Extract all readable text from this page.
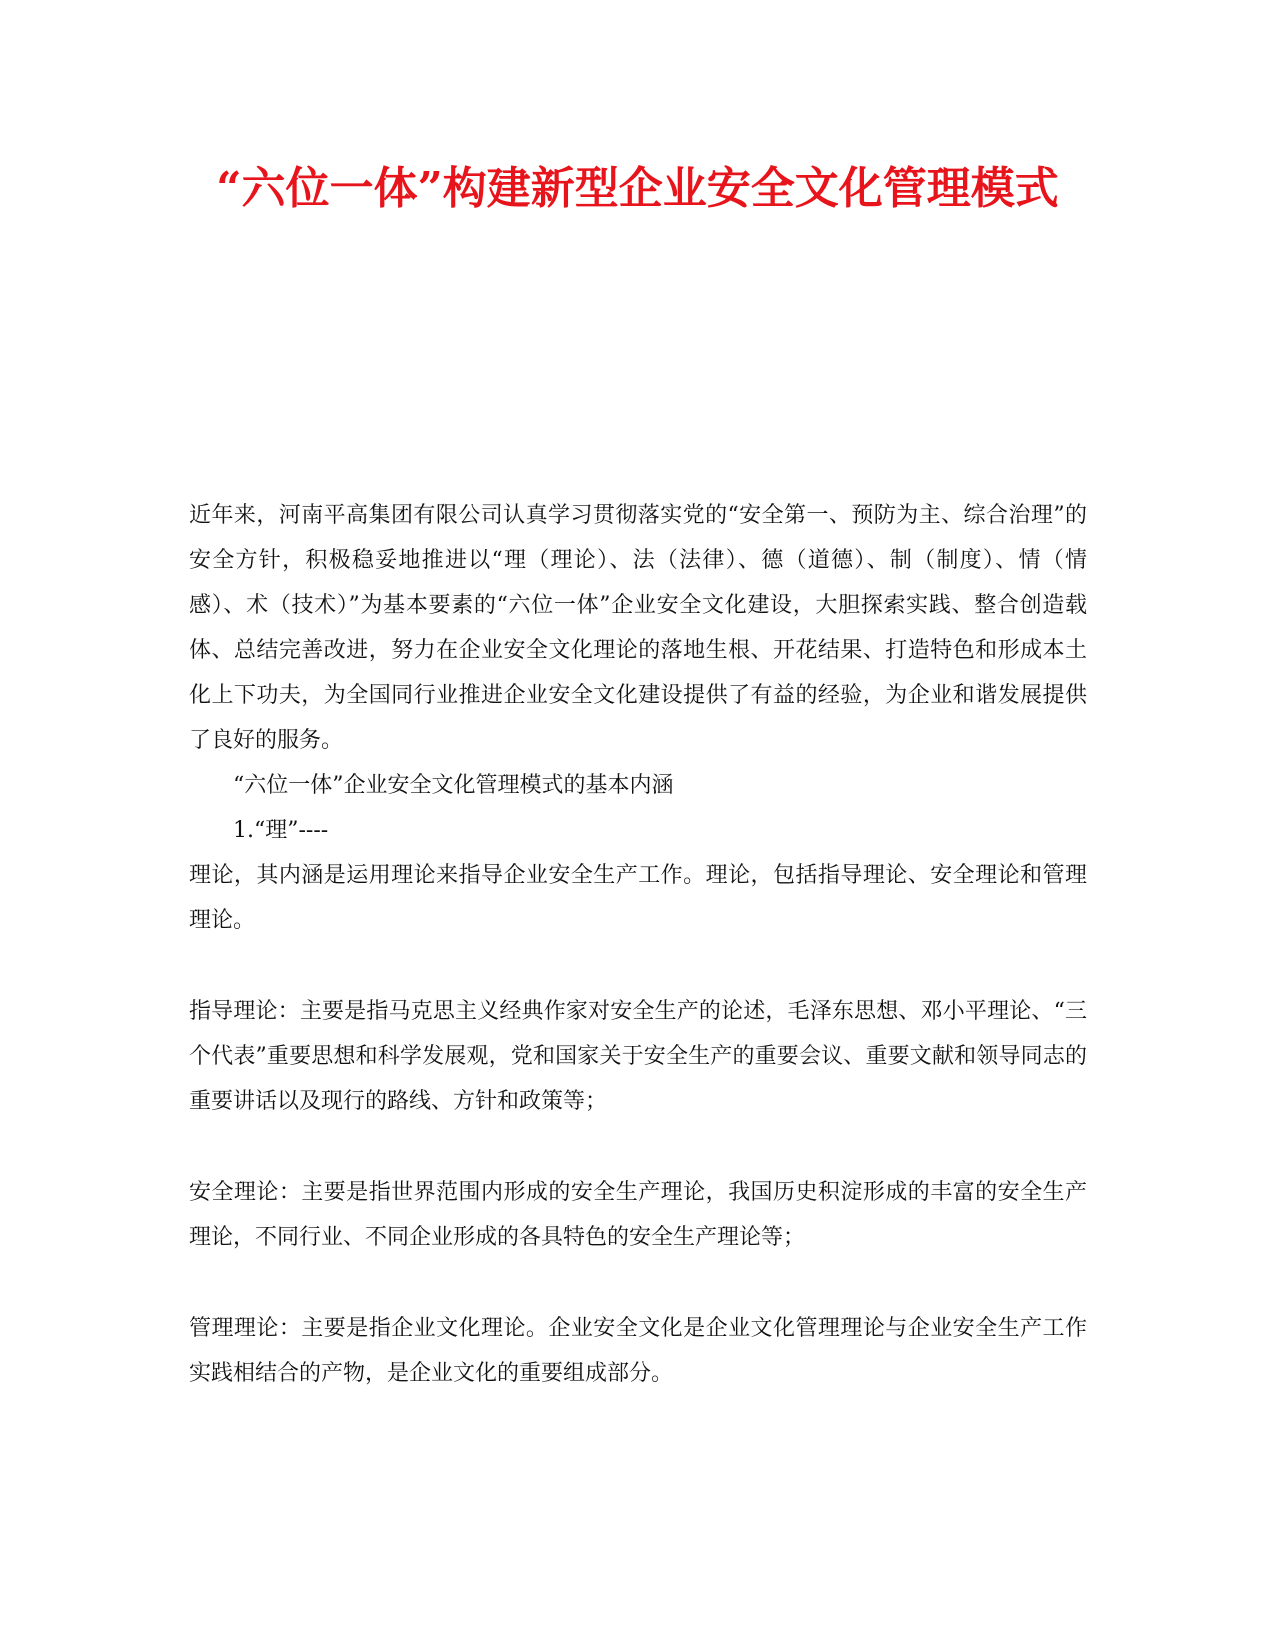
“六位一体”构建新型企业安全文化管理模式

近年来，河南平高集团有限公司认真学习贯彻落实党的“安全第一、预防为主、综合治理”的安全方针，积极稳妥地推进以“理（理论）、法（法律）、德（道德）、制（制度）、情（情感）、术（技术）”为基本要素的“六位一体”企业安全文化建设，大胆探索实践、整合创造载体、总结完善改进，努力在企业安全文化理论的落地生根、开花结果、打造特色和形成本土化上下功夫，为全国同行业推进企业安全文化建设提供了有益的经验，为企业和谐发展提供了良好的服务。

“六位一体”企业安全文化管理模式的基本内涵

1.“理”----

理论，其内涵是运用理论来指导企业安全生产工作。理论，包括指导理论、安全理论和管理理论。

指导理论：主要是指马克思主义经典作家对安全生产的论述，毛泽东思想、邓小平理论、“三个代表”重要思想和科学发展观，党和国家关于安全生产的重要会议、重要文献和领导同志的重要讲话以及现行的路线、方针和政策等；

安全理论：主要是指世界范围内形成的安全生产理论，我国历史积淀形成的丰富的安全生产理论，不同行业、不同企业形成的各具特色的安全生产理论等；

管理理论：主要是指企业文化理论。企业安全文化是企业文化管理理论与企业安全生产工作实践相结合的产物，是企业文化的重要组成部分。
